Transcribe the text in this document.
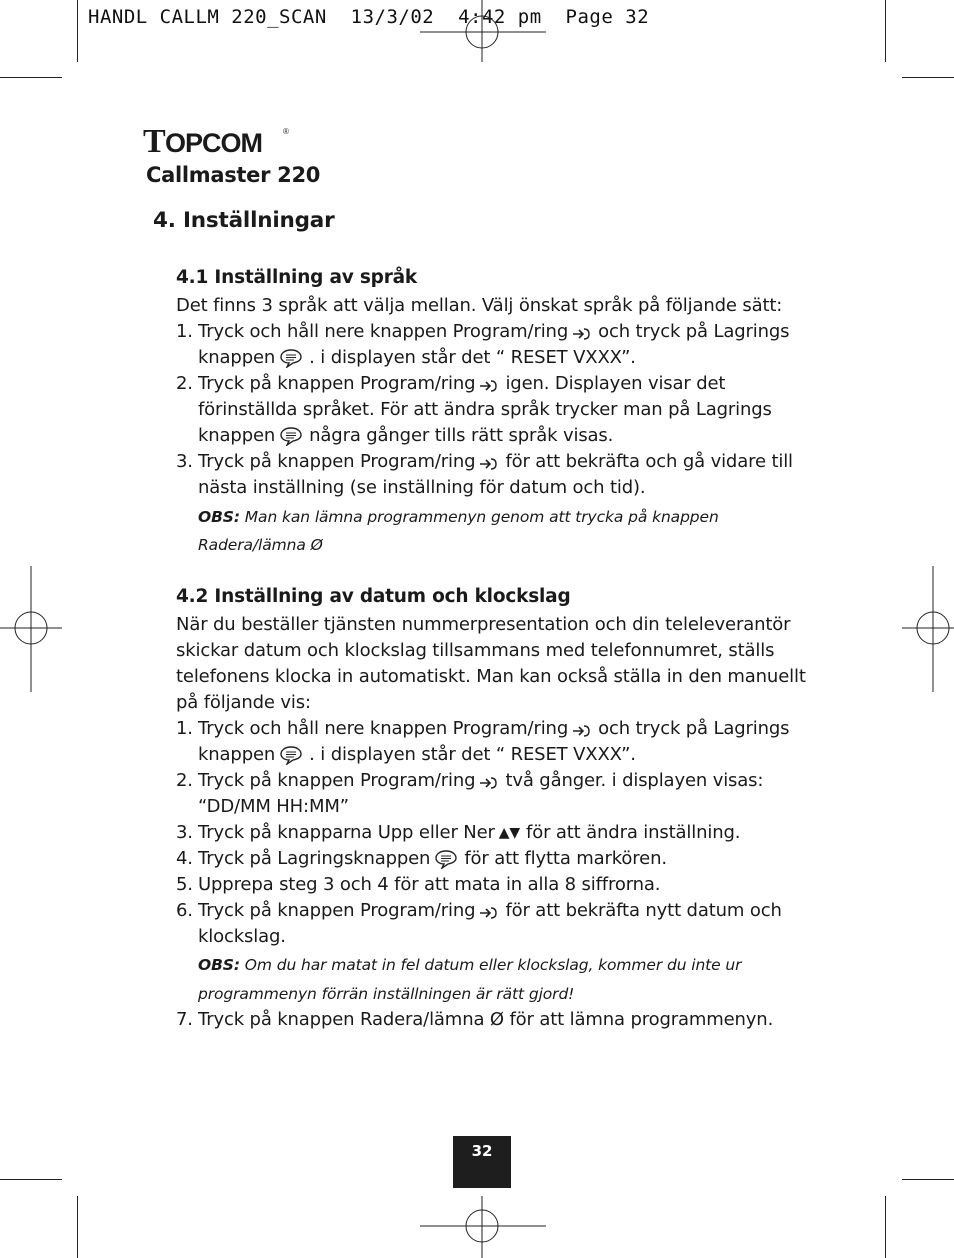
HANDL CALLM 220_SCAN  13/3/02  4:42 pm  Page 32
T OPCOM	®
Callmaster 220
4. Inställningar
4.1 Inställning av språk
Det finns 3 språk att välja mellan. Välj önskat språk på följande sätt:
1. Tryck och håll nere knappen Program/ring och tryck på Lagrings
knappen . i displayen står det “ RESET VXXX”.
2. Tryck på knappen Program/ring igen. Displayen visar det
förinställda språket. För att ändra språk trycker man på Lagrings
knappen några gånger tills rätt språk visas.
3. Tryck på knappen Program/ring för att bekräfta och gå vidare till
nästa inställning (se inställning för datum och tid).
OBS: Man kan lämna programmenyn genom att trycka på knappen
Radera/lämna Ø
4.2 Inställning av datum och klockslag
När du beställer tjänsten nummerpresentation och din teleleverantör
skickar datum och klockslag tillsammans med telefonnumret, ställs
telefonens klocka in automatiskt. Man kan också ställa in den manuellt
på följande vis:
1. Tryck och håll nere knappen Program/ring och tryck på Lagrings
knappen . i displayen står det “ RESET VXXX”.
2. Tryck på knappen Program/ring två gånger. i displayen visas:
“DD/MM HH:MM”
3. Tryck på knapparna Upp eller Ner ▲▼ för att ändra inställning.
4. Tryck på Lagringsknappen för att flytta markören.
5. Upprepa steg 3 och 4 för att mata in alla 8 siffrorna.
6. Tryck på knappen Program/ring för att bekräfta nytt datum och
klockslag.
OBS: Om du har matat in fel datum eller klockslag, kommer du inte ur
programmenyn förrän inställningen är rätt gjord!
7. Tryck på knappen Radera/lämna Ø för att lämna programmenyn.
32
